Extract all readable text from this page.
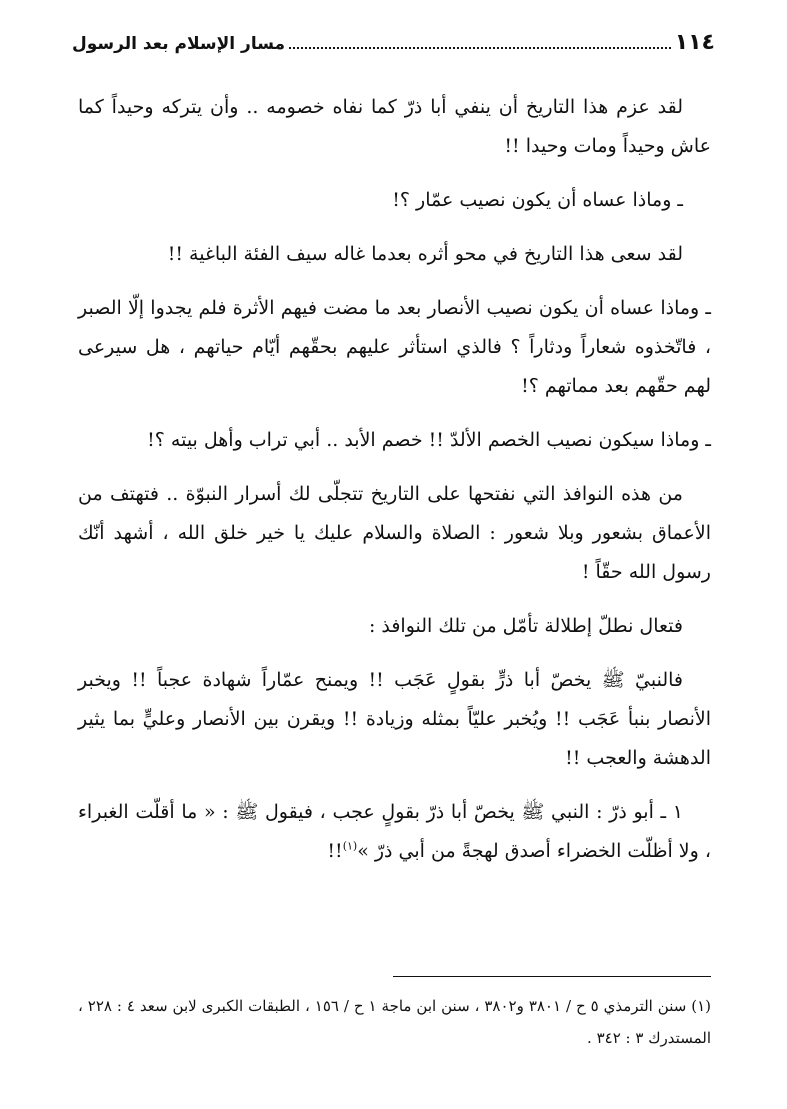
١١٤
مسار الإسلام بعد الرسول

لقد عزم هذا التاريخ أن ينفي أبا ذرّ كما نفاه خصومه .. وأن يتركه وحيداً كما عاش وحيداً ومات وحيدا !!

ـ وماذا عساه أن يكون نصيب عمّار ؟!

لقد سعى هذا التاريخ في محو أثره بعدما غاله سيف الفئة الباغية !!

ـ وماذا عساه أن يكون نصيب الأنصار بعد ما مضت فيهم الأثرة فلم يجدوا إلّا الصبر ، فاتّخذوه شعاراً ودثاراً ؟ فالذي استأثر عليهم بحقّهم أيّام حياتهم ، هل سيرعى لهم حقّهم بعد مماتهم ؟!

ـ وماذا سيكون نصيب الخصم الألدّ !! خصم الأبد .. أبي تراب وأهل بيته ؟!

من هذه النوافذ التي نفتحها على التاريخ تتجلّى لك أسرار النبوّة .. فتهتف من الأعماق بشعور وبلا شعور : الصلاة والسلام عليك يا خير خلق الله ، أشهد أنّك رسول الله حقّاً !

فتعال نطلّ إطلالة تأمّل من تلك النوافذ :

فالنبيّ ﷺ يخصّ أبا ذرٍّ بقولٍ عَجَب !! ويمنح عمّاراً شهادة عجباً !! ويخبر الأنصار بنبأ عَجَب !! ويُخبر عليّاً بمثله وزيادة !! ويقرن بين الأنصار وعليٍّ بما يثير الدهشة والعجب !!

١ ـ أبو ذرّ : النبي ﷺ يخصّ أبا ذرّ بقولٍ عجب ، فيقول ﷺ : « ما أقلّت الغبراء ، ولا أظلّت الخضراء أصدق لهجةً من أبي ذرّ »$^{(١)}$!!

(١) سنن الترمذي ٥ ح / ٣٨٠١ و٣٨٠٢ ، سنن ابن ماجة ١ ح / ١٥٦ ، الطبقات الكبرى لابن سعد ٤ : ٢٢٨ ، المستدرك ٣ : ٣٤٢ .
